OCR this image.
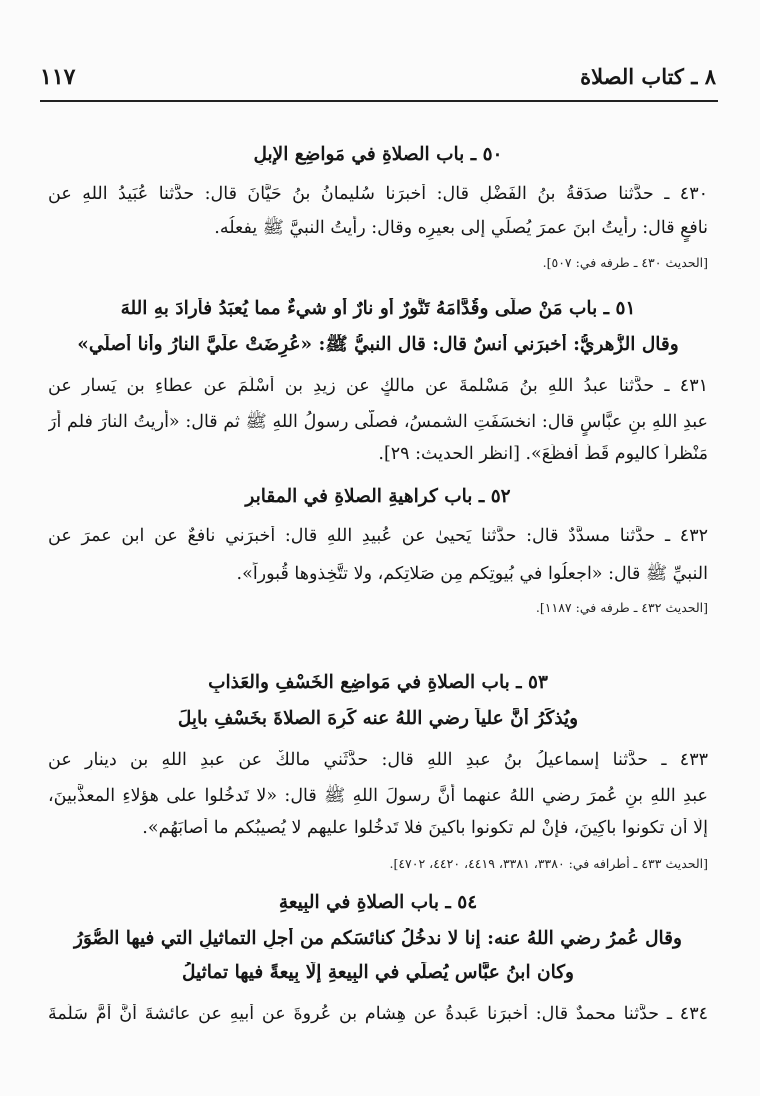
٨ ـ كتاب الصلاة
١١٧
٥٠ ـ باب الصلاةِ في مَواضِعِ الإبلِ
٤٣٠ ـ حدَّثنا صدَقةُ بنُ الفَضْلِ قال: أخبرَنا سُليمانُ بنُ حَيَّانَ قال: حدَّثنا عُبَيدُ اللهِ عن
نافعٍ قال: رأيتُ ابنَ عمرَ يُصلِّي إلى بعيرِه وقال: رأيتُ النبيَّ ﷺ يفعلُه.
[الحديث ٤٣٠ ـ طرفه في: ٥٠٧].
٥١ ـ باب مَنْ صلَّى وقُدَّامَهُ تَنُّورٌ أو نارٌ أو شيءٌ مما يُعبَدُ فأرادَ بهِ اللهَ
وقال الزُّهريُّ: أخبرَني أنسٌ قال: قال النبيُّ ﷺ: «عُرِضَتْ علَيَّ النارُ وأنا أُصلِّي»
٤٣١ ـ حدَّثنا عبدُ اللهِ بنُ مَسْلمةَ عن مالكٍ عن زيدِ بنِ أَسْلَمَ عن عطاءِ بنِ يَسارٍ عن
عبدِ اللهِ بنِ عبَّاسٍ قال: انخسَفَتِ الشمسُ، فصلَّى رسولُ اللهِ ﷺ ثم قال: «أُريتُ النارَ فلم أرَ
مَنْظراً كاليومِ قَطُّ أفظَعَ». [انظر الحديث: ٢٩].
٥٢ ـ باب كراهيةِ الصلاةِ في المقابرِ
٤٣٢ ـ حدَّثنا مسدَّدٌ قال: حدَّثنا يَحيىٰ عن عُبيدِ اللهِ قال: أخبرَني نافعٌ عنِ ابنِ عمرَ عنِ
النبيِّ ﷺ قال: «اجعلُوا في بُيوتِكم مِن صَلاتِكم، ولا تتَّخِذوها قُبوراً».
[الحديث ٤٣٢ ـ طرفه في: ١١٨٧].
٥٣ ـ باب الصلاةِ في مَواضِعِ الخَسْفِ والعَذابِ
ويُذكَرُ أنَّ علياً رضي اللهُ عنه كَرِهَ الصلاةَ بخَسْفِ بابِلَ
٤٣٣ ـ حدَّثنا إسماعيلُ بنُ عبدِ اللهِ قال: حدَّثَني مالكٌ عن عبدِ اللهِ بنِ دينارٍ عن
عبدِ اللهِ بنِ عُمرَ رضي اللهُ عنهما أنَّ رسولَ اللهِ ﷺ قال: «لا تَدخُلوا على هؤلاءِ المعذَّبينَ،
إلَّا أن تكونوا باكِينَ، فإنْ لم تكونوا باكينَ فلا تَدخُلوا عليهم لا يُصيبُكم ما أصابَهُم».
[الحديث ٤٣٣ ـ أطرافه في: ٣٣٨٠، ٣٣٨١، ٤٤١٩، ٤٤٢٠، ٤٧٠٢].
٥٤ ـ باب الصلاةِ في البِيعةِ
وقال عُمرُ رضي اللهُ عنه: إنا لا ندخُلُ كنائسَكم من أجلِ التماثيلِ التي فيها الصُّوَرُ
وكان ابنُ عبَّاسٍ يُصلِّي في البِيعةِ إلَّا بِيعةً فيها تماثيلُ
٤٣٤ ـ حدَّثنا محمدٌ قال: أخبرَنا عَبدةُ عن هِشامِ بنِ عُروةَ عن أبيهِ عن عائشةَ أنَّ أُمَّ سَلَمةَ
